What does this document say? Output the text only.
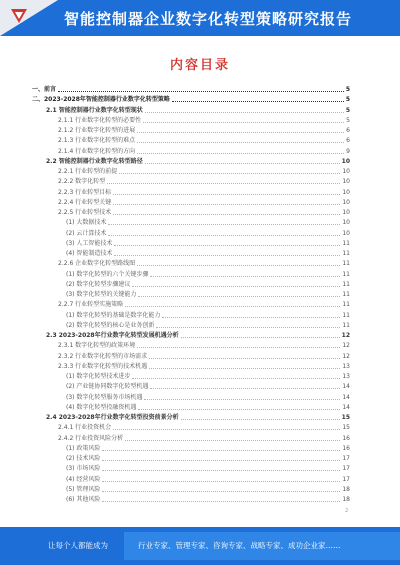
智能控制器企业数字化转型策略研究报告
内容目录
一、前言	5
二、2023-2028年智能控制器行业数字化转型策略	5
2.1 智能控制器行业数字化转型现状	5
2.1.1 行业数字化转型的必要性	5
2.1.2 行业数字化转型的进展	6
2.1.3 行业数字化转型的难点	6
2.1.4 行业数字化转型的方向	9
2.2 智能控制器行业数字化转型路径	10
2.2.1 行业转型的前提	10
2.2.2 数字化转型	10
2.2.3 行业转型目标	10
2.2.4 行业转型关键	10
2.2.5 行业转型技术	10
(1) 大数据技术	10
(2) 云计算技术	10
(3) 人工智能技术	11
(4) 智能制造技术	11
2.2.6 企业数字化转型路线图	11
(1) 数字化转型的六个关键步骤	11
(2) 数字化转型步骤建议	11
(3) 数字化转型的关键能力	11
2.2.7 行业转型实施策略	11
(1) 数字化转型的基础是数字化能力	11
(2) 数字化转型的核心是业务创新	11
2.3 2023-2028年行业数字化转型发展机遇分析	12
2.3.1 数字化转型的政策环境	12
2.3.2 行业数字化转型的市场需求	12
2.3.3 行业数字化转型的技术机遇	13
(1) 数字化转型技术进步	13
(2) 产业链协同数字化转型机遇	14
(3) 数字化转型服务市场机遇	14
(4) 数字化转型投融资机遇	14
2.4 2023-2028年行业数字化转型投资前景分析	15
2.4.1 行业投资机会	15
2.4.2 行业投资风险分析	16
(1) 政策风险	16
(2) 技术风险	17
(3) 市场风险	17
(4) 经营风险	17
(5) 管理风险	18
(6) 其他风险	18
2
让每个人都能成为	行业专家、管理专家、咨询专家、战略专家、成功企业家……
